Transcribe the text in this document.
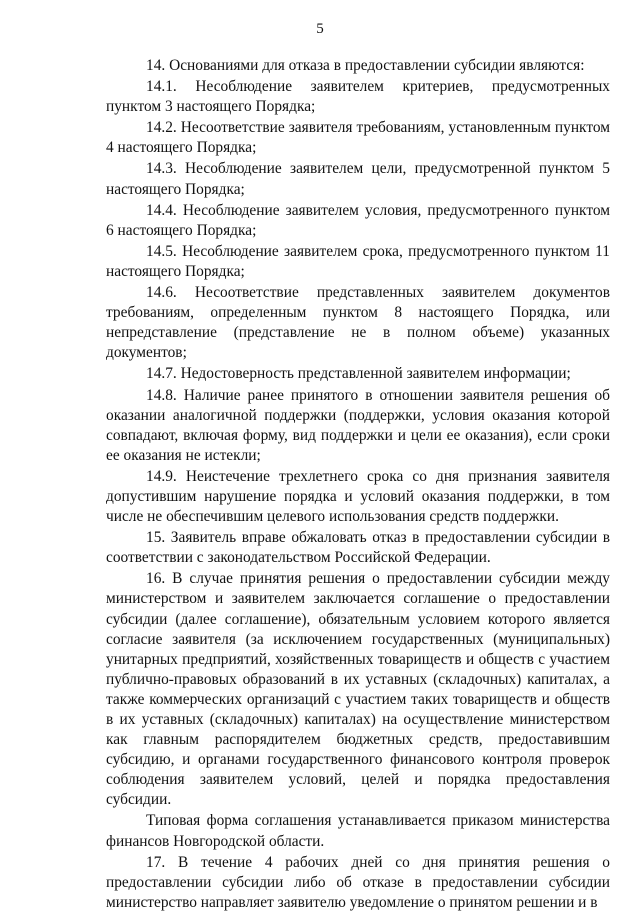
5

14. Основаниями для отказа в предоставлении субсидии являются:

14.1. Несоблюдение заявителем критериев, предусмотренных пунктом 3 настоящего Порядка;

14.2. Несоответствие заявителя требованиям, установленным пунктом 4 настоящего Порядка;

14.3. Несоблюдение заявителем цели, предусмотренной пунктом 5 настоящего Порядка;

14.4. Несоблюдение заявителем условия, предусмотренного пунктом 6 настоящего Порядка;

14.5. Несоблюдение заявителем срока, предусмотренного пунктом 11 настоящего Порядка;

14.6. Несоответствие представленных заявителем документов требованиям, определенным пунктом 8 настоящего Порядка, или непредставление (представление не в полном объеме) указанных документов;

14.7. Недостоверность представленной заявителем информации;

14.8. Наличие ранее принятого в отношении заявителя решения об оказании аналогичной поддержки (поддержки, условия оказания которой совпадают, включая форму, вид поддержки и цели ее оказания), если сроки ее оказания не истекли;

14.9. Неистечение трехлетнего срока со дня признания заявителя допустившим нарушение порядка и условий оказания поддержки, в том числе не обеспечившим целевого использования средств поддержки.

15. Заявитель вправе обжаловать отказ в предоставлении субсидии в соответствии с законодательством Российской Федерации.

16. В случае принятия решения о предоставлении субсидии между министерством и заявителем заключается соглашение о предоставлении субсидии (далее соглашение), обязательным условием которого является согласие заявителя (за исключением государственных (муниципальных) унитарных предприятий, хозяйственных товариществ и обществ с участием публично-правовых образований в их уставных (складочных) капиталах, а также коммерческих организаций с участием таких товариществ и обществ в их уставных (складочных) капиталах) на осуществление министерством как главным распорядителем бюджетных средств, предоставившим субсидию, и органами государственного финансового контроля проверок соблюдения заявителем условий, целей и порядка предоставления субсидии.

Типовая форма соглашения устанавливается приказом министерства финансов Новгородской области.

17. В течение 4 рабочих дней со дня принятия решения о предоставлении субсидии либо об отказе в предоставлении субсидии министерство направляет заявителю уведомление о принятом решении и в
